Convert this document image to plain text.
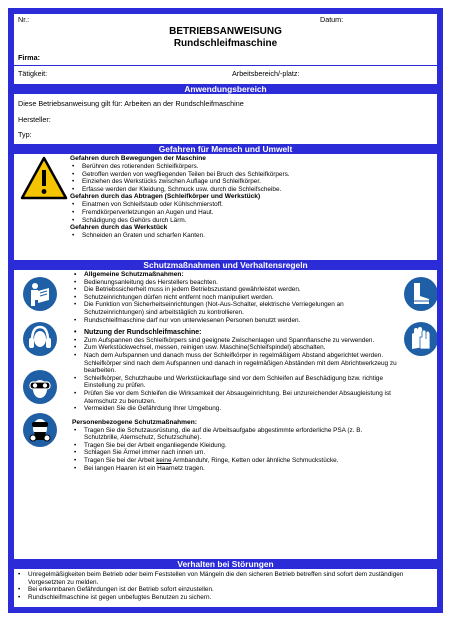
Nr.:	Datum:
BETRIEBSANWEISUNG
Rundschleifmaschine
Firma:
Tätigkeit:	Arbeitsbereich/-platz:
Anwendungsbereich
Diese Betriebsanweisung gilt für: Arbeiten an der Rundschleifmaschine
Hersteller:
Typ:
Gefahren für Mensch und Umwelt
Gefahren durch Bewegungen der Maschine
• Berühren des rotierenden Schleifkörpers.
• Getroffen werden von wegfliegenden Teilen bei Bruch des Schleifkörpers.
• Einziehen des Werkstücks zwischen Auflage und Schleifkörper.
• Erfasse werden der Kleidung, Schmuck usw. durch die Schleifscheibe.
Gefahren durch das Abtragen (Schleifkörper und Werkstück)
• Einatmen von Schleifstaub oder Kühlschmierstoff.
• Fremdkörperverletzungen an Augen und Haut.
• Schädigung des Gehörs durch Lärm.
Gefahren durch das Werkstück
• Schneiden an Graten und scharfen Kanten.
Schutzmaßnahmen und Verhaltensregeln
• Allgemeine Schutzmaßnahmen:
• Bedienungsanleitung des Herstellers beachten.
• Die Betriebssicherheit muss in jedem Betriebszustand gewährleistet werden.
• Schutzeinrichtungen dürfen nicht entfernt noch manipuliert werden.
• Die Funktion von Sicherheitseinrichtungen (Not-Aus-Schalter, elektrische Verriegelungen an Schutzeinrichtungen) sind arbeitstäglich zu kontrollieren.
• Rundschleifmaschine darf nur von unterwiesenen Personen benutzt werden.
• Nutzung der Rundschleifmaschine:
• Zum Aufspannen des Schleifkörpers sind geeignete Zwischenlagen und Spannflansche zu verwenden.
• Zum Werkstückwechsel, messen, reinigen usw. Maschine(Schleifspindel) abschalten.
• Nach dem Aufspannen und danach muss der Schleifkörper in regelmäßigem Abstand abgerichtet werden. Schleifkörper sind nach dem Aufspannen und danach in regelmäßigen Abständen mit dem Abrichtwerkzeug zu bearbeiten.
• Schleifkörper, Schutzhaube und Werkstückauflage sind vor dem Schleifen auf Beschädigung bzw. richtige Einstellung zu prüfen.
• Prüfen Sie vor dem Schleifen die Wirksamkeit der Absaugeinrichtung. Bei unzureichender Absaugleistung ist Atemschutz zu benutzen.
• Vermeiden Sie die Gefährdung Ihrer Umgebung.
Personenbezogene Schutzmaßnahmen:
• Tragen Sie die Schutzausrüstung, die auf die Arbeitsaufgabe abgestimmte erforderliche PSA (z. B. Schutzbrille, Atemschutz, Schutzschuhe).
• Tragen Sie bei der Arbeit enganliegende Kleidung.
• Schlagen Sie Ärmel immer nach innen um.
• Tragen Sie bei der Arbeit keine Armbanduhr, Ringe, Ketten oder ähnliche Schmuckstücke.
• Bei langen Haaren ist ein Haarnetz tragen.
Verhalten bei Störungen
• Unregelmäßigkeiten beim Betrieb oder beim Feststellen von Mängeln die den sicheren Betrieb betreffen sind sofort dem zuständigen Vorgesetzten zu melden.
• Bei erkennbaren Gefährdungen ist der Betrieb sofort einzustellen.
• Rundschleifmaschine ist gegen unbefugtes Benutzen zu sichern.
